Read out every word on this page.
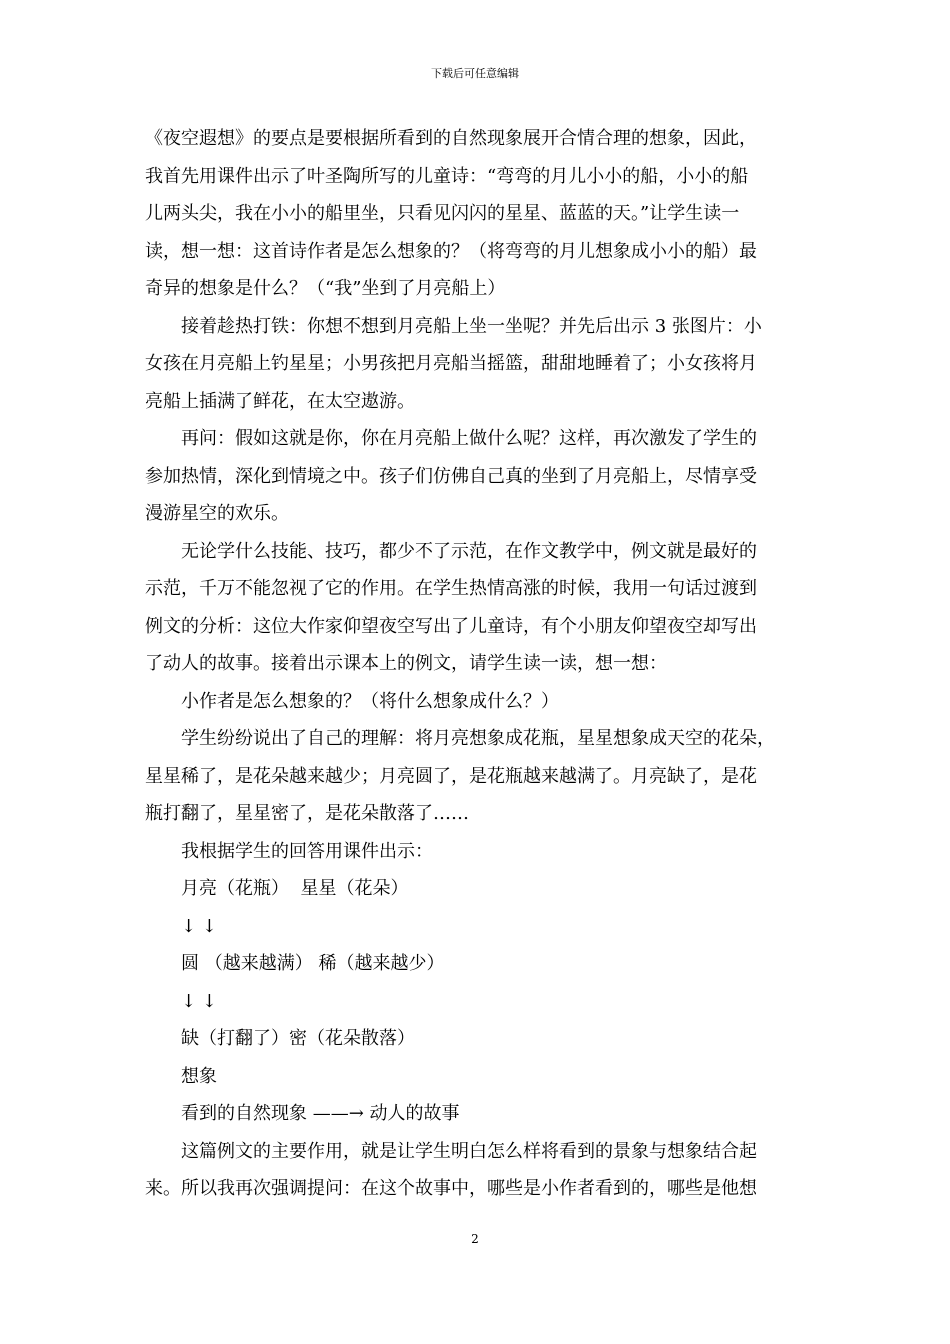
下载后可任意编辑
《夜空遐想》的要点是要根据所看到的自然现象展开合情合理的想象，因此，
我首先用课件出示了叶圣陶所写的儿童诗：“弯弯的月儿小小的船，小小的船
儿两头尖，我在小小的船里坐，只看见闪闪的星星、蓝蓝的天。”让学生读一
读，想一想：这首诗作者是怎么想象的？（将弯弯的月儿想象成小小的船）最
奇异的想象是什么？（“我”坐到了月亮船上）
接着趁热打铁：你想不想到月亮船上坐一坐呢？并先后出示 3 张图片：小
女孩在月亮船上钓星星；小男孩把月亮船当摇篮，甜甜地睡着了；小女孩将月
亮船上插满了鲜花，在太空遨游。
再问：假如这就是你，你在月亮船上做什么呢？这样，再次激发了学生的
参加热情，深化到情境之中。孩子们仿佛自己真的坐到了月亮船上，尽情享受
漫游星空的欢乐。
无论学什么技能、技巧，都少不了示范，在作文教学中，例文就是最好的
示范，千万不能忽视了它的作用。在学生热情高涨的时候，我用一句话过渡到
例文的分析：这位大作家仰望夜空写出了儿童诗，有个小朋友仰望夜空却写出
了动人的故事。接着出示课本上的例文，请学生读一读，想一想：
小作者是怎么想象的？（将什么想象成什么？）
学生纷纷说出了自己的理解：将月亮想象成花瓶，星星想象成天空的花朵，
星星稀了，是花朵越来越少；月亮圆了，是花瓶越来越满了。月亮缺了，是花
瓶打翻了，星星密了，是花朵散落了……
我根据学生的回答用课件出示：
月亮（花瓶）  星星（花朵）
↓ ↓
圆 （越来越满） 稀（越来越少）
↓ ↓
缺（打翻了）密（花朵散落）
想象
看到的自然现象 ——→ 动人的故事
这篇例文的主要作用，就是让学生明白怎么样将看到的景象与想象结合起
来。所以我再次强调提问：在这个故事中，哪些是小作者看到的，哪些是他想
2
